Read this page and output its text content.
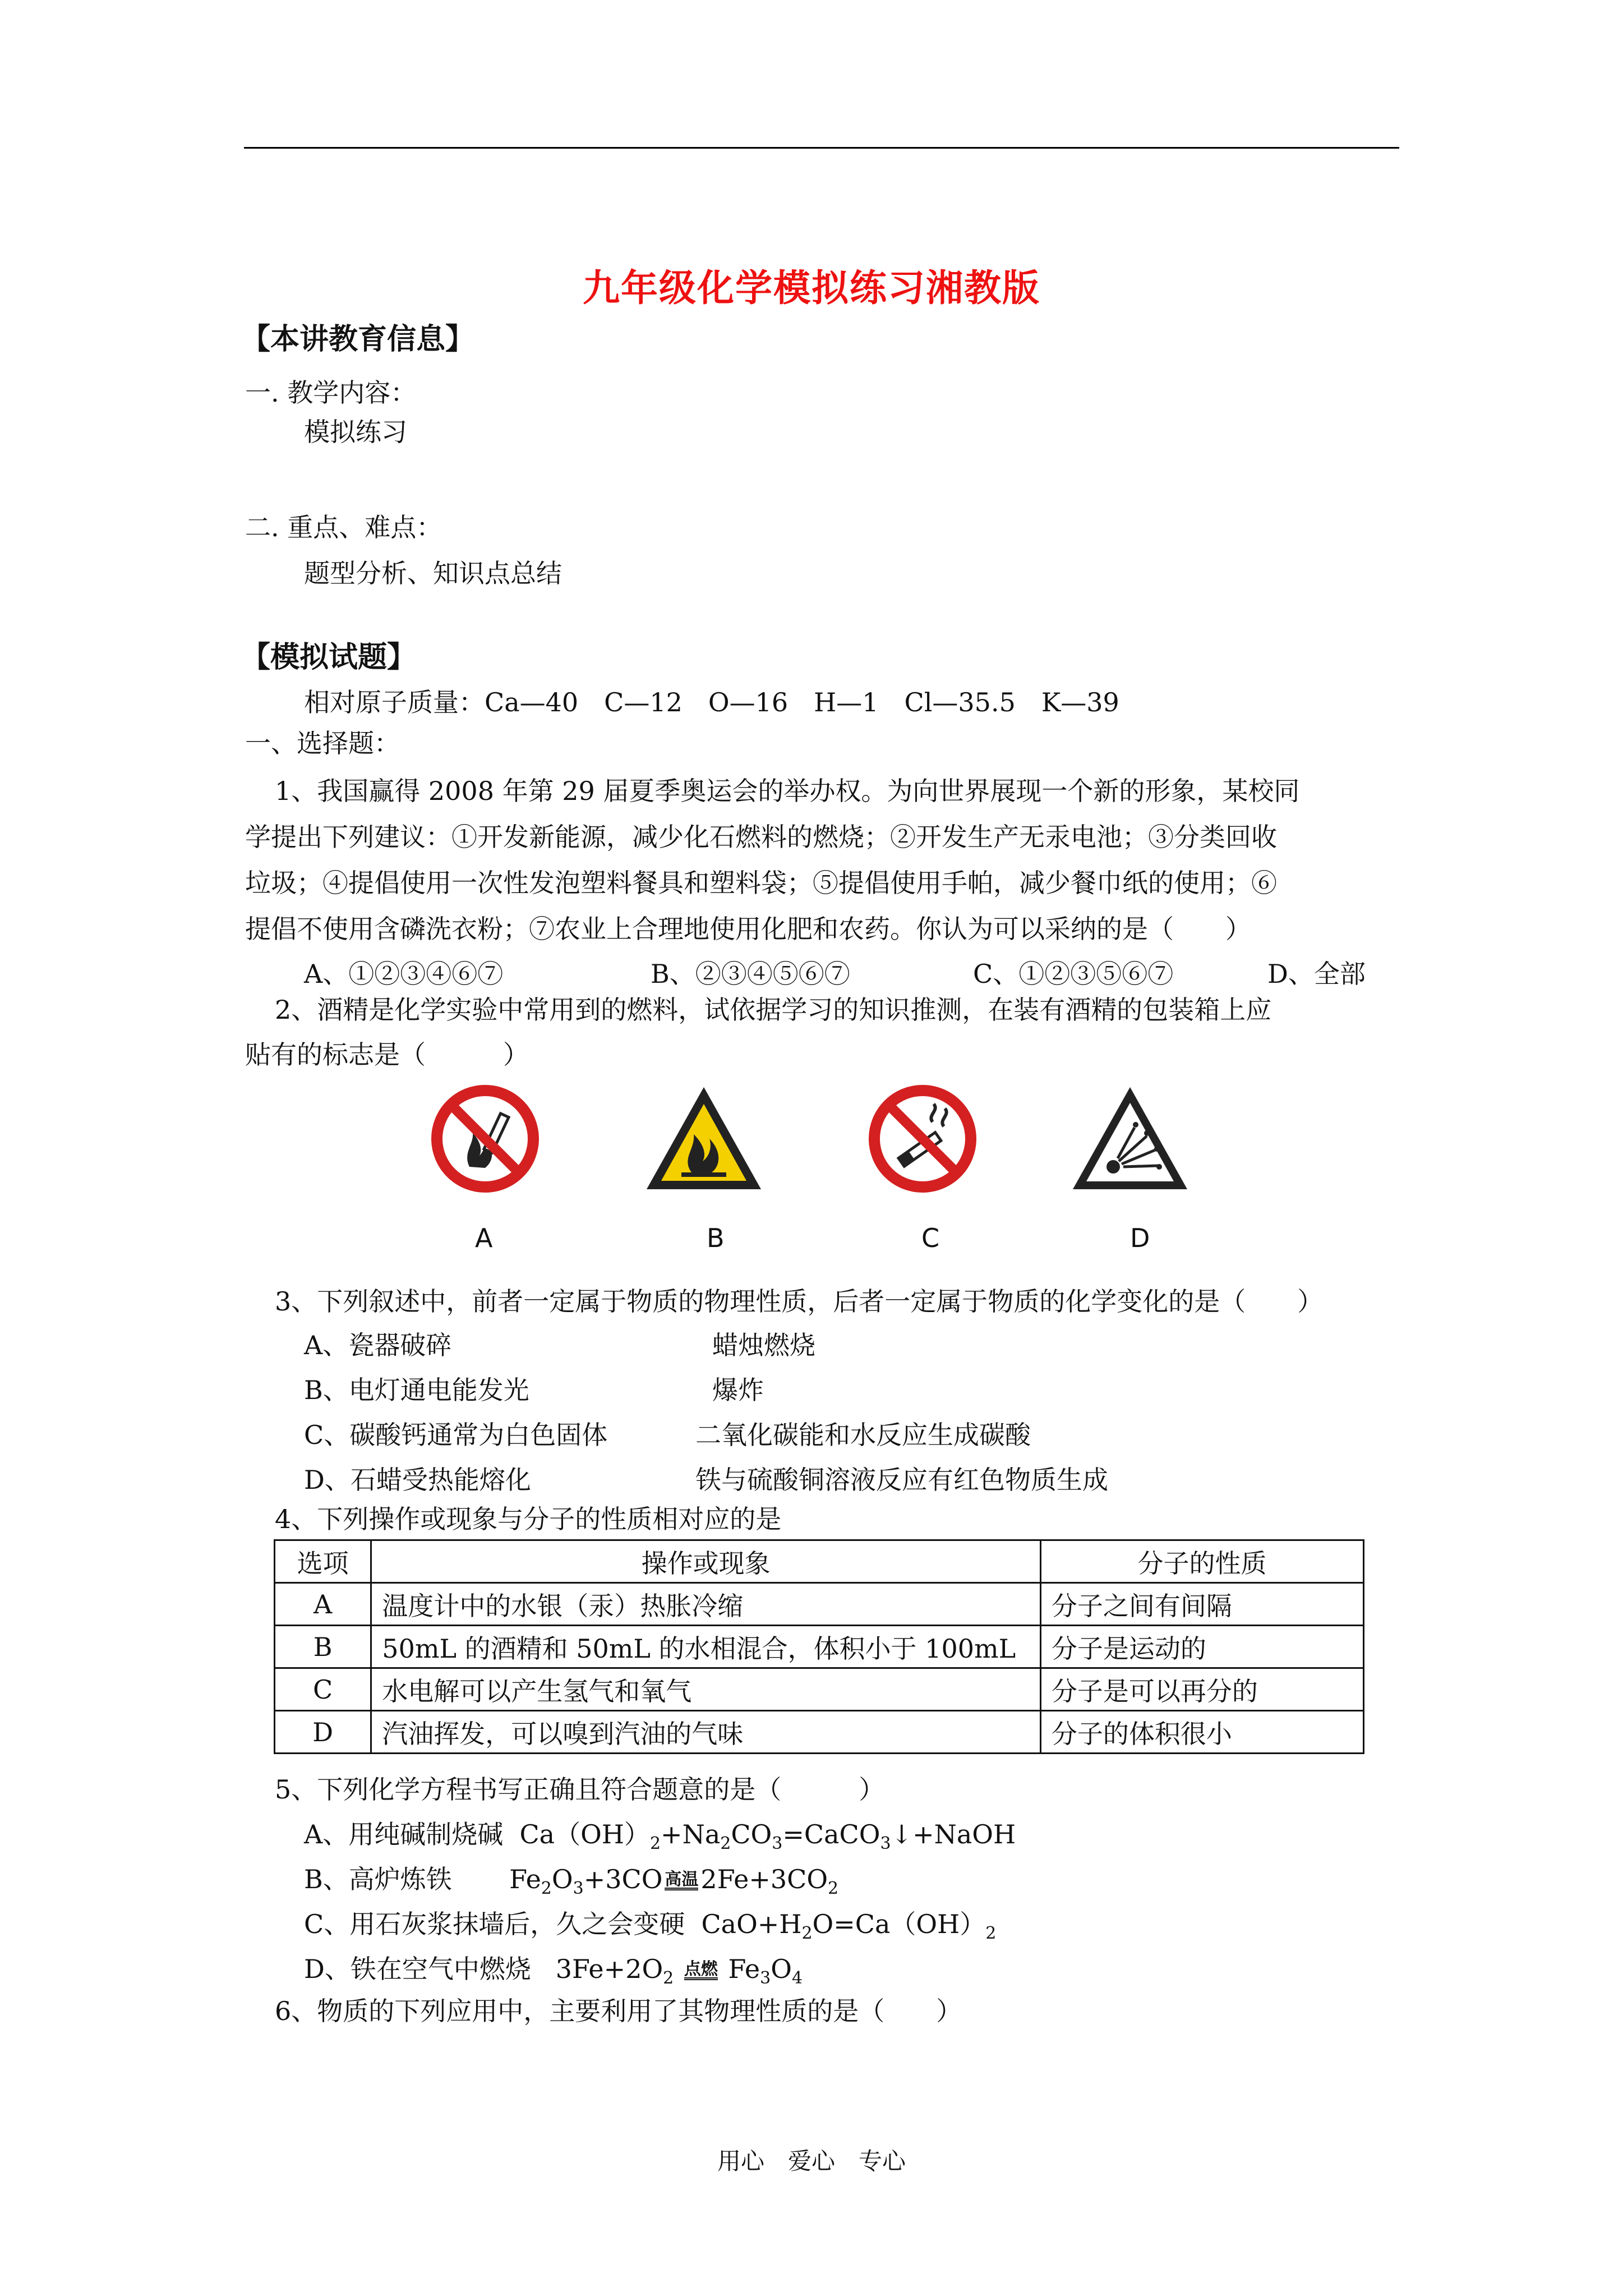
九年级化学模拟练习湘教版
【本讲教育信息】
一. 教学内容：
模拟练习
二. 重点、难点：
题型分析、知识点总结
【模拟试题】
相对原子质量：Ca—40　C—12　O—16　H—1　Cl—35.5　K—39
一、选择题：
1、我国赢得 2008 年第 29 届夏季奥运会的举办权。为向世界展现一个新的形象，某校同
学提出下列建议：①开发新能源，减少化石燃料的燃烧；②开发生产无汞电池；③分类回收
垃圾；④提倡使用一次性发泡塑料餐具和塑料袋；⑤提倡使用手帕，减少餐巾纸的使用；⑥
提倡不使用含磷洗衣粉；⑦农业上合理地使用化肥和农药。你认为可以采纳的是（　　）
A、①②③④⑥⑦	B、②③④⑤⑥⑦	C、①②③⑤⑥⑦	D、全部
2、酒精是化学实验中常用到的燃料，试依据学习的知识推测，在装有酒精的包装箱上应
贴有的标志是（　　　）
A	B	C	D
3、下列叙述中，前者一定属于物质的物理性质，后者一定属于物质的化学变化的是（　　）
A、瓷器破碎	蜡烛燃烧
B、电灯通电能发光	爆炸
C、碳酸钙通常为白色固体	二氧化碳能和水反应生成碳酸
D、石蜡受热能熔化	铁与硫酸铜溶液反应有红色物质生成
4、下列操作或现象与分子的性质相对应的是
选项	操作或现象	分子的性质
A	温度计中的水银（汞）热胀冷缩	分子之间有间隔
B	50mL 的酒精和 50mL 的水相混合，体积小于 100mL	分子是运动的
C	水电解可以产生氢气和氧气	分子是可以再分的
D	汽油挥发，可以嗅到汽油的气味	分子的体积很小
5、下列化学方程书写正确且符合题意的是（　　　）
A、用纯碱制烧碱  $Ca(OH)_2+Na_2CO_3=CaCO_3↓+NaOH$
B、高炉炼铁       $Fe_2O_3+3CO$ 高温$2Fe+3CO_2$
C、用石灰浆抹墙后，久之会变硬  $CaO+H_2O=Ca(OH)_2$
D、铁在空气中燃烧   $3Fe+2O_2$ 点燃 $Fe_3O_4$
6、物质的下列应用中，主要利用了其物理性质的是（　　）
用心　爱心　专心
